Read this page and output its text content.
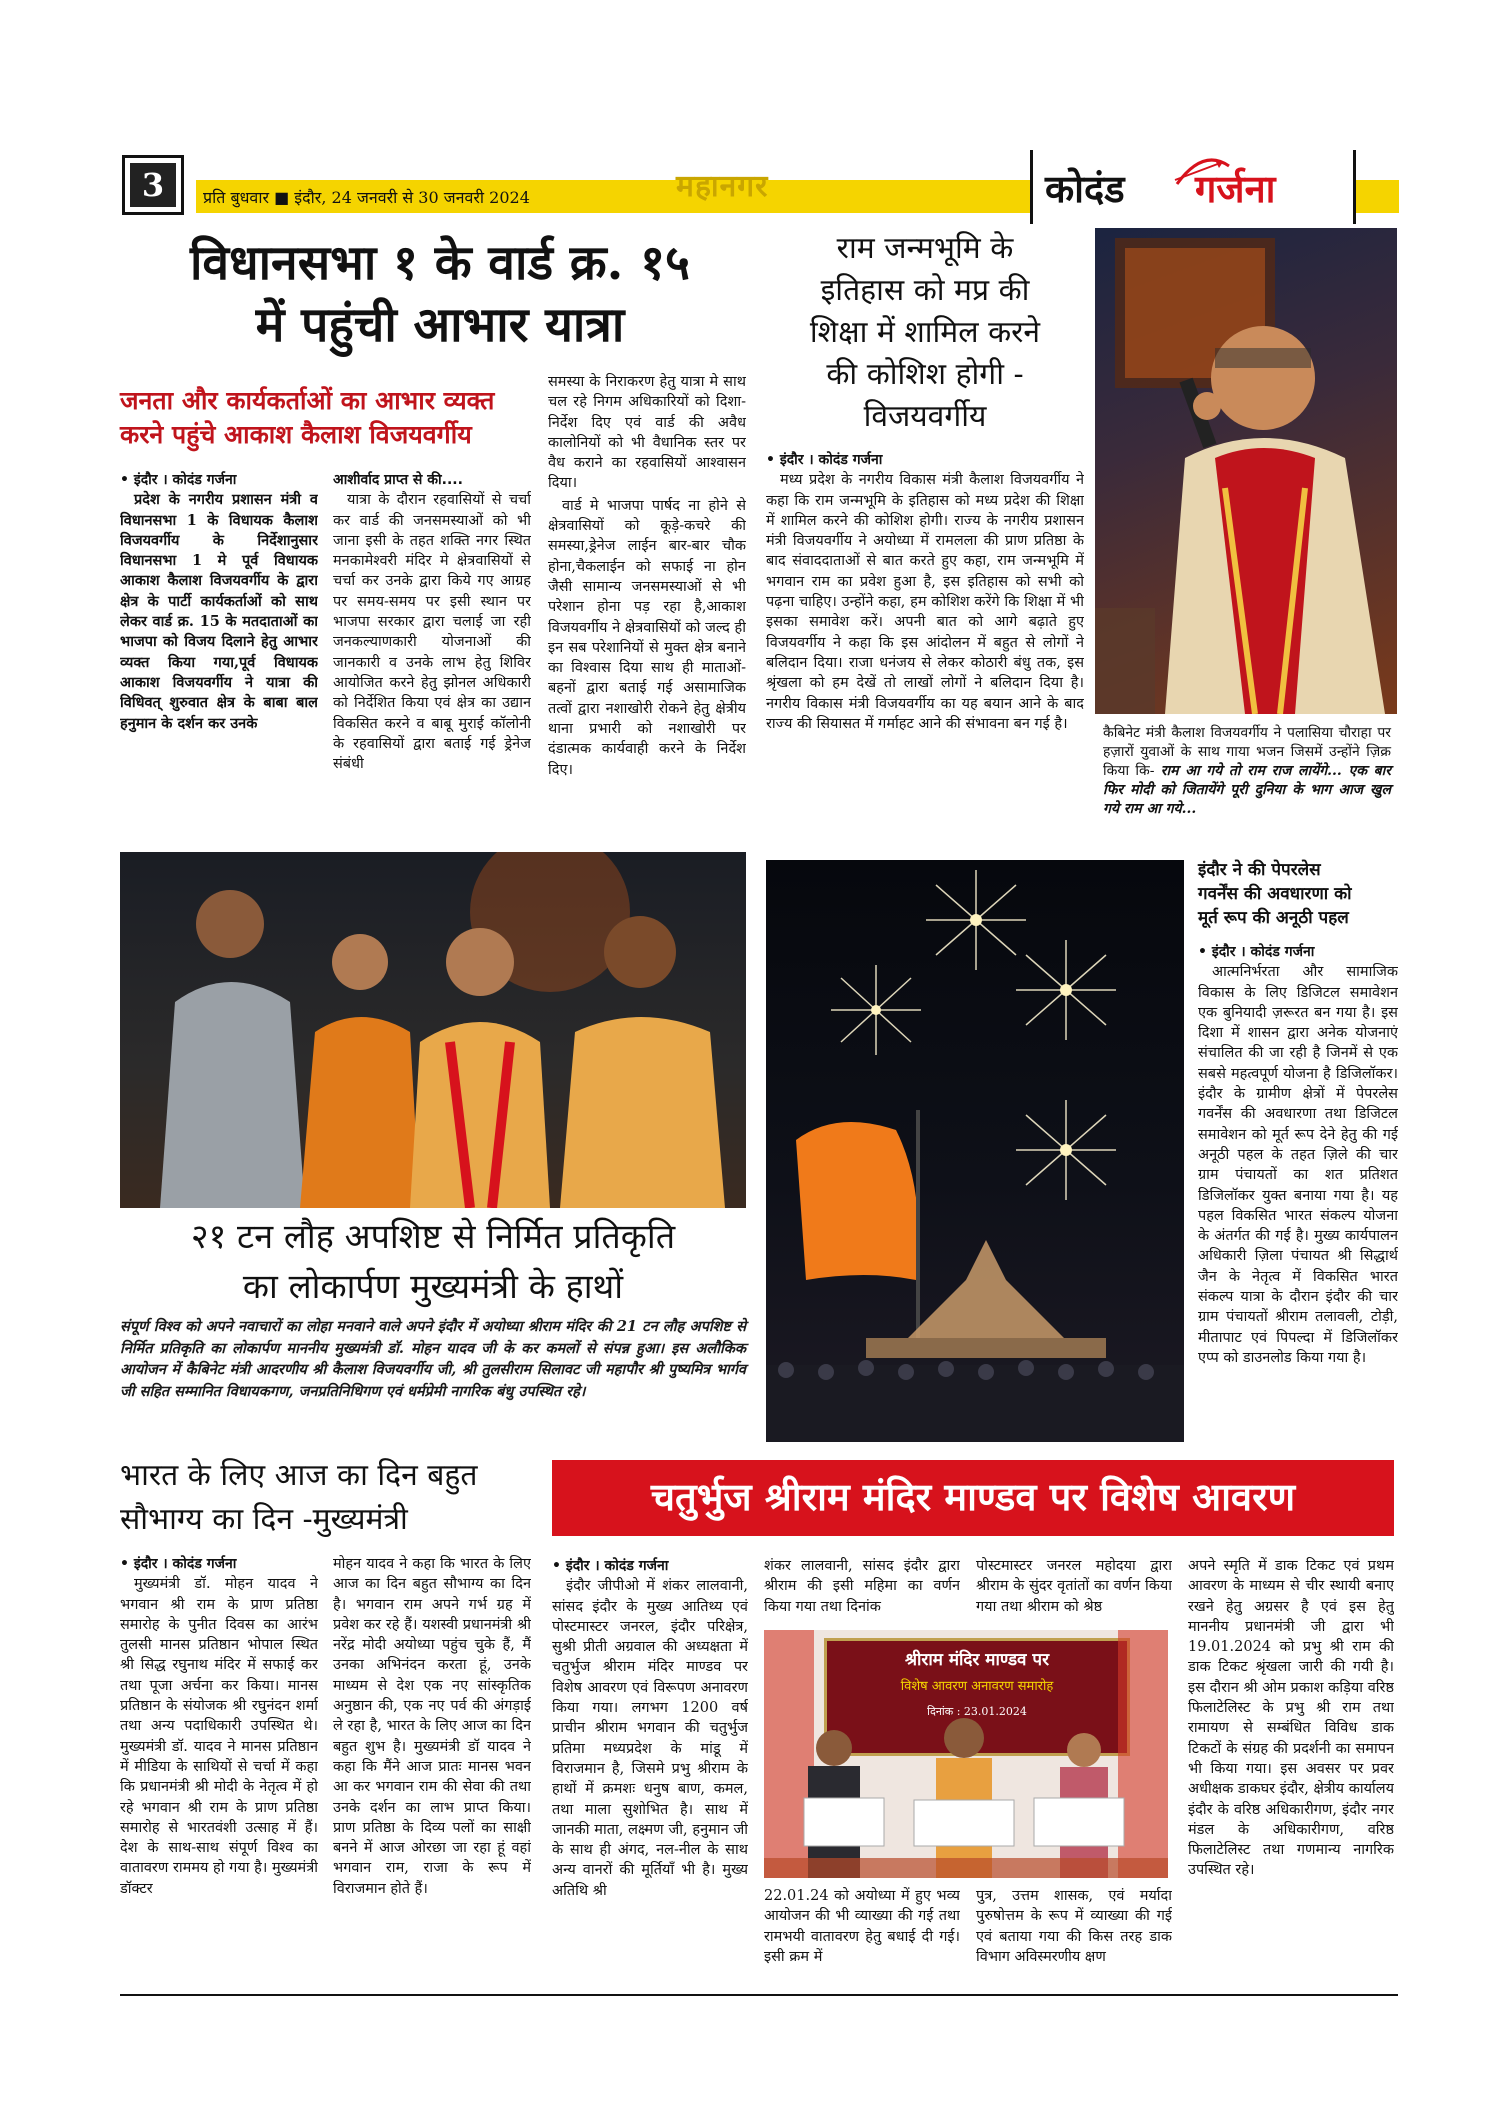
3	प्रति बुधवार ■ इंदौर, 24 जनवरी से 30 जनवरी 2024	महानगर	कोदंड गर्जना
विधानसभा १ के वार्ड क्र. १५
में पहुंची आभार यात्रा
जनता और कार्यकर्ताओं का आभार व्यक्त
करने पहुंचे आकाश कैलाश विजयवर्गीय
• इंदौर । कोदंड गर्जना

प्रदेश के नगरीय प्रशासन मंत्री व विधानसभा 1 के विधायक कैलाश विजयवर्गीय के निर्देशानुसार विधानसभा 1 मे पूर्व विधायक आकाश कैलाश विजयवर्गीय के द्वारा क्षेत्र के पार्टी कार्यकर्ताओं को साथ लेकर वार्ड क्र. 15 के मतदाताओं का भाजपा को विजय दिलाने हेतु आभार व्यक्त किया गया,पूर्व विधायक आकाश विजयवर्गीय ने यात्रा की विधिवत् शुरुवात क्षेत्र के बाबा बाल हनुमान के दर्शन कर उनके

आशीर्वाद प्राप्त से की....

यात्रा के दौरान रहवासियों से चर्चा कर वार्ड की जनसमस्याओं को भी जाना इसी के तहत शक्ति नगर स्थित मनकामेश्वरी मंदिर मे क्षेत्रवासियों से चर्चा कर उनके द्वारा किये गए आग्रह पर समय-समय पर इसी स्थान पर भाजपा सरकार द्वारा चलाई जा रही जनकल्याणकारी योजनाओं की जानकारी व उनके लाभ हेतु शिविर आयोजित करने हेतु झोनल अधिकारी को निर्देशित किया एवं क्षेत्र का उद्यान विकसित करने व बाबू मुराई कॉलोनी के रहवासियों द्वारा बताई गई ड्रेनेज संबंधी

समस्या के निराकरण हेतु यात्रा मे साथ चल रहे निगम अधिकारियों को दिशा-निर्देश दिए एवं वार्ड की अवैध कालोनियों को भी वैधानिक स्तर पर वैध कराने का रहवासियों आश्वासन दिया।

वार्ड मे भाजपा पार्षद ना होने से क्षेत्रवासियों को कूड़े-कचरे की समस्या,ड्रेनेज लाईन बार-बार चौक होना,चैकलाईन को सफाई ना होन जैसी सामान्य जनसमस्याओं से भी परेशान होना पड़ रहा है,आकाश विजयवर्गीय ने क्षेत्रवासियों को जल्द ही इन सब परेशानियों से मुक्त क्षेत्र बनाने का विश्वास दिया साथ ही माताओं-बहनों द्वारा बताई गई असामाजिक तत्वों द्वारा नशाखोरी रोकने हेतु क्षेत्रीय थाना प्रभारी को नशाखोरी पर दंडात्मक कार्यवाही करने के निर्देश दिए।

राम जन्मभूमि के
इतिहास को मप्र की
शिक्षा में शामिल करने
की कोशिश होगी -
विजयवर्गीय
• इंदौर । कोदंड गर्जना

मध्य प्रदेश के नगरीय विकास मंत्री कैलाश विजयवर्गीय ने कहा कि राम जन्मभूमि के इतिहास को मध्य प्रदेश की शिक्षा में शामिल करने की कोशिश होगी। राज्य के नगरीय प्रशासन मंत्री विजयवर्गीय ने अयोध्या में रामलला की प्राण प्रतिष्ठा के बाद संवाददाताओं से बात करते हुए कहा, राम जन्मभूमि में भगवान राम का प्रवेश हुआ है, इस इतिहास को सभी को पढ़ना चाहिए। उन्होंने कहा, हम कोशिश करेंगे कि शिक्षा में भी इसका समावेश करें। अपनी बात को आगे बढ़ाते हुए विजयवर्गीय ने कहा कि इस आंदोलन में बहुत से लोगों ने बलिदान दिया। राजा धनंजय से लेकर कोठारी बंधु तक, इस श्रृंखला को हम देखें तो लाखों लोगों ने बलिदान दिया है। नगरीय विकास मंत्री विजयवर्गीय का यह बयान आने के बाद राज्य की सियासत में गर्माहट आने की संभावना बन गई है।

कैबिनेट मंत्री कैलाश विजयवर्गीय ने पलासिया चौराहा पर हज़ारों युवाओं के साथ गाया भजन जिसमें उन्होंने ज़िक्र किया कि- राम आ गये तो राम राज लायेंगे... एक बार फिर मोदी को जितायेंगे पूरी दुनिया के भाग आज खुल गये राम आ गये...
२१ टन लौह अपशिष्ट से निर्मित प्रतिकृति
का लोकार्पण मुख्यमंत्री के हाथों
संपूर्ण विश्व को अपने नवाचारों का लोहा मनवाने वाले अपने इंदौर में अयोध्या श्रीराम मंदिर की 21 टन लौह अपशिष्ट से निर्मित प्रतिकृति का लोकार्पण माननीय मुख्यमंत्री डॉ. मोहन यादव जी के कर कमलों से संपन्न हुआ। इस अलौकिक आयोजन में कैबिनेट मंत्री आदरणीय श्री कैलाश विजयवर्गीय जी, श्री तुलसीराम सिलावट जी महापौर श्री पुष्यमित्र भार्गव जी सहित सम्मानित विधायकगण, जनप्रतिनिधिगण एवं धर्मप्रेमी नागरिक बंधु उपस्थित रहे।
इंदौर ने की पेपरलेस
गवर्नेंस की अवधारणा को
मूर्त रूप की अनूठी पहल
• इंदौर । कोदंड गर्जना

आत्मनिर्भरता और सामाजिक विकास के लिए डिजिटल समावेशन एक बुनियादी ज़रूरत बन गया है। इस दिशा में शासन द्वारा अनेक योजनाएं संचालित की जा रही है जिनमें से एक सबसे महत्वपूर्ण योजना है डिजिलॉकर। इंदौर के ग्रामीण क्षेत्रों में पेपरलेस गवर्नेंस की अवधारणा तथा डिजिटल समावेशन को मूर्त रूप देने हेतु की गई अनूठी पहल के तहत ज़िले की चार ग्राम पंचायतों का शत प्रतिशत डिजिलॉकर युक्त बनाया गया है। यह पहल विकसित भारत संकल्प योजना के अंतर्गत की गई है। मुख्य कार्यपालन अधिकारी ज़िला पंचायत श्री सिद्धार्थ जैन के नेतृत्व में विकसित भारत संकल्प यात्रा के दौरान इंदौर की चार ग्राम पंचायतों श्रीराम तलावली, टोड़ी, मीतापाट एवं पिपल्दा में डिजिलॉकर एप्प को डाउनलोड किया गया है।

भारत के लिए आज का दिन बहुत
सौभाग्य का दिन -मुख्यमंत्री
• इंदौर । कोदंड गर्जना

मुख्यमंत्री डॉ. मोहन यादव ने भगवान श्री राम के प्राण प्रतिष्ठा समारोह के पुनीत दिवस का आरंभ तुलसी मानस प्रतिष्ठान भोपाल स्थित श्री सिद्ध रघुनाथ मंदिर में सफाई कर तथा पूजा अर्चना कर किया। मानस प्रतिष्ठान के संयोजक श्री रघुनंदन शर्मा तथा अन्य पदाधिकारी उपस्थित थे। मुख्यमंत्री डॉ. यादव ने मानस प्रतिष्ठान में मीडिया के साथियों से चर्चा में कहा कि प्रधानमंत्री श्री मोदी के नेतृत्व में हो रहे भगवान श्री राम के प्राण प्रतिष्ठा समारोह से भारतवंशी उत्साह में हैं। देश के साथ-साथ संपूर्ण विश्व का वातावरण राममय हो गया है। मुख्यमंत्री डॉक्टर

मोहन यादव ने कहा कि भारत के लिए आज का दिन बहुत सौभाग्य का दिन है। भगवान राम अपने गर्भ ग्रह में प्रवेश कर रहे हैं। यशस्वी प्रधानमंत्री श्री नरेंद्र मोदी अयोध्या पहुंच चुके हैं, मैं उनका अभिनंदन करता हूं, उनके माध्यम से देश एक नए सांस्कृतिक अनुष्ठान की, एक नए पर्व की अंगड़ाई ले रहा है, भारत के लिए आज का दिन बहुत शुभ है। मुख्यमंत्री डॉ यादव ने कहा कि मैंने आज प्रातः मानस भवन आ कर भगवान राम की सेवा की तथा उनके दर्शन का लाभ प्राप्त किया। प्राण प्रतिष्ठा के दिव्य पलों का साक्षी बनने में आज ओरछा जा रहा हूं वहां भगवान राम, राजा के रूप में विराजमान होते हैं।

चतुर्भुज श्रीराम मंदिर माण्डव पर विशेष आवरण
• इंदौर । कोदंड गर्जना

इंदौर जीपीओ में शंकर लालवानी, सांसद इंदौर के मुख्य आतिथ्य एवं पोस्टमास्टर जनरल, इंदौर परिक्षेत्र, सुश्री प्रीती अग्रवाल की अध्यक्षता में चतुर्भुज श्रीराम मंदिर माण्डव पर विशेष आवरण एवं विरूपण अनावरण किया गया। लगभग 1200 वर्ष प्राचीन श्रीराम भगवान की चतुर्भुज प्रतिमा मध्यप्रदेश के मांडू में विराजमान है, जिसमे प्रभु श्रीराम के हाथों में क्रमशः धनुष बाण, कमल, तथा माला सुशोभित है। साथ में जानकी माता, लक्ष्मण जी, हनुमान जी के साथ ही अंगद, नल-नील के साथ अन्य वानरों की मूर्तियाँ भी है। मुख्य अतिथि श्री

शंकर लालवानी, सांसद इंदौर द्वारा श्रीराम की इसी महिमा का वर्णन किया गया तथा दिनांक

पोस्टमास्टर जनरल महोदया द्वारा श्रीराम के सुंदर वृतांतों का वर्णन किया गया तथा श्रीराम को श्रेष्ठ

श्रीराम मंदिर माण्डव पर
विशेष आवरण अनावरण समारोह
दिनांक : 23.01.2024

22.01.24 को अयोध्या में हुए भव्य आयोजन की भी व्याख्या की गई तथा रामभयी वातावरण हेतु बधाई दी गई। इसी क्रम में

पुत्र, उत्तम शासक, एवं मर्यादा पुरुषोत्तम के रूप में व्याख्या की गई एवं बताया गया की किस तरह डाक विभाग अविस्मरणीय क्षण

अपने स्मृति में डाक टिकट एवं प्रथम आवरण के माध्यम से चीर स्थायी बनाए रखने हेतु अग्रसर है एवं इस हेतु माननीय प्रधानमंत्री जी द्वारा भी 19.01.2024 को प्रभु श्री राम की डाक टिकट श्रृंखला जारी की गयी है। इस दौरान श्री ओम प्रकाश कड़िया वरिष्ठ फिलाटेलिस्ट के प्रभु श्री राम तथा रामायण से सम्बंधित विविध डाक टिकटों के संग्रह की प्रदर्शनी का समापन भी किया गया। इस अवसर पर प्रवर अधीक्षक डाकघर इंदौर, क्षेत्रीय कार्यालय इंदौर के वरिष्ठ अधिकारीगण, इंदौर नगर मंडल के अधिकारीगण, वरिष्ठ फिलाटेलिस्ट तथा गणमान्य नागरिक उपस्थित रहे।
